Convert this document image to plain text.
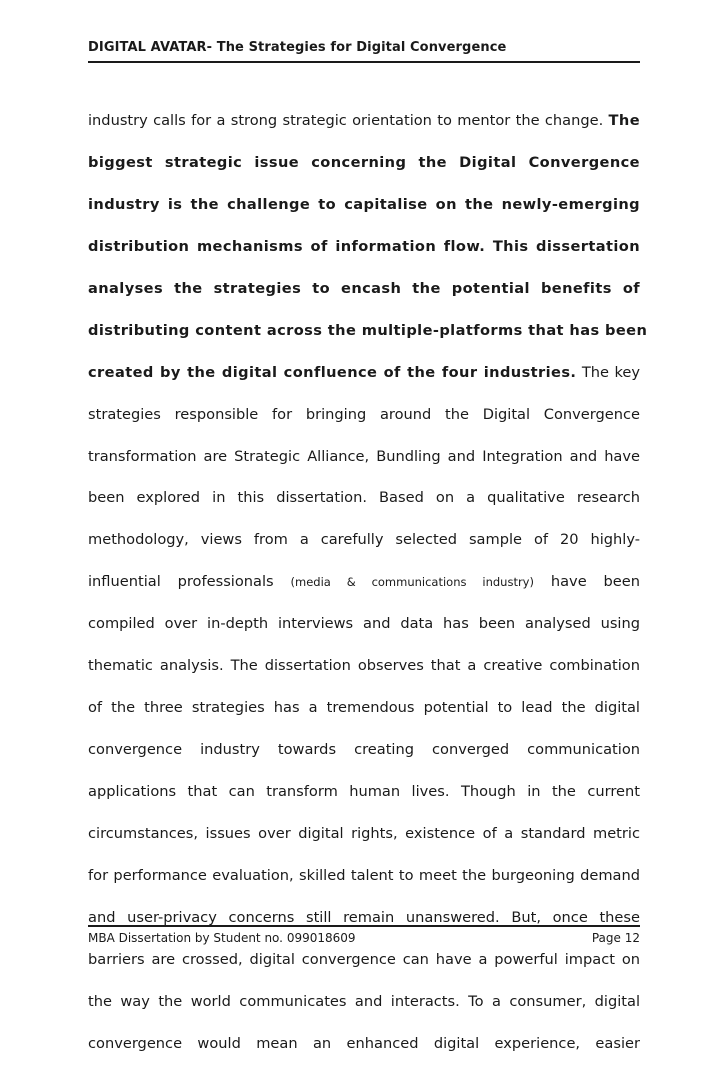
DIGITAL AVATAR- The Strategies for Digital Convergence
industry calls for a strong strategic orientation to mentor the change. The
biggest strategic issue concerning the Digital Convergence
industry is the challenge to capitalise on the newly-emerging
distribution mechanisms of information flow. This dissertation
analyses the strategies to encash the potential benefits of
distributing content across the multiple-platforms that has been
created by the digital confluence of the four industries. The key
strategies responsible for bringing around the Digital Convergence
transformation are Strategic Alliance, Bundling and Integration and have
been explored in this dissertation. Based on a qualitative research
methodology, views from a carefully selected sample of 20 highly-
influential professionals (media & communications industry) have been
compiled over in-depth interviews and data has been analysed using
thematic analysis. The dissertation observes that a creative combination
of the three strategies has a tremendous potential to lead the digital
convergence industry towards creating converged communication
applications that can transform human lives. Though in the current
circumstances, issues over digital rights, existence of a standard metric
for performance evaluation, skilled talent to meet the burgeoning demand
and user-privacy concerns still remain unanswered. But, once these
barriers are crossed, digital convergence can have a powerful impact on
the way the world communicates and interacts. To a consumer, digital
convergence would mean an enhanced digital experience, easier
MBA Dissertation by Student no. 099018609	Page 12
